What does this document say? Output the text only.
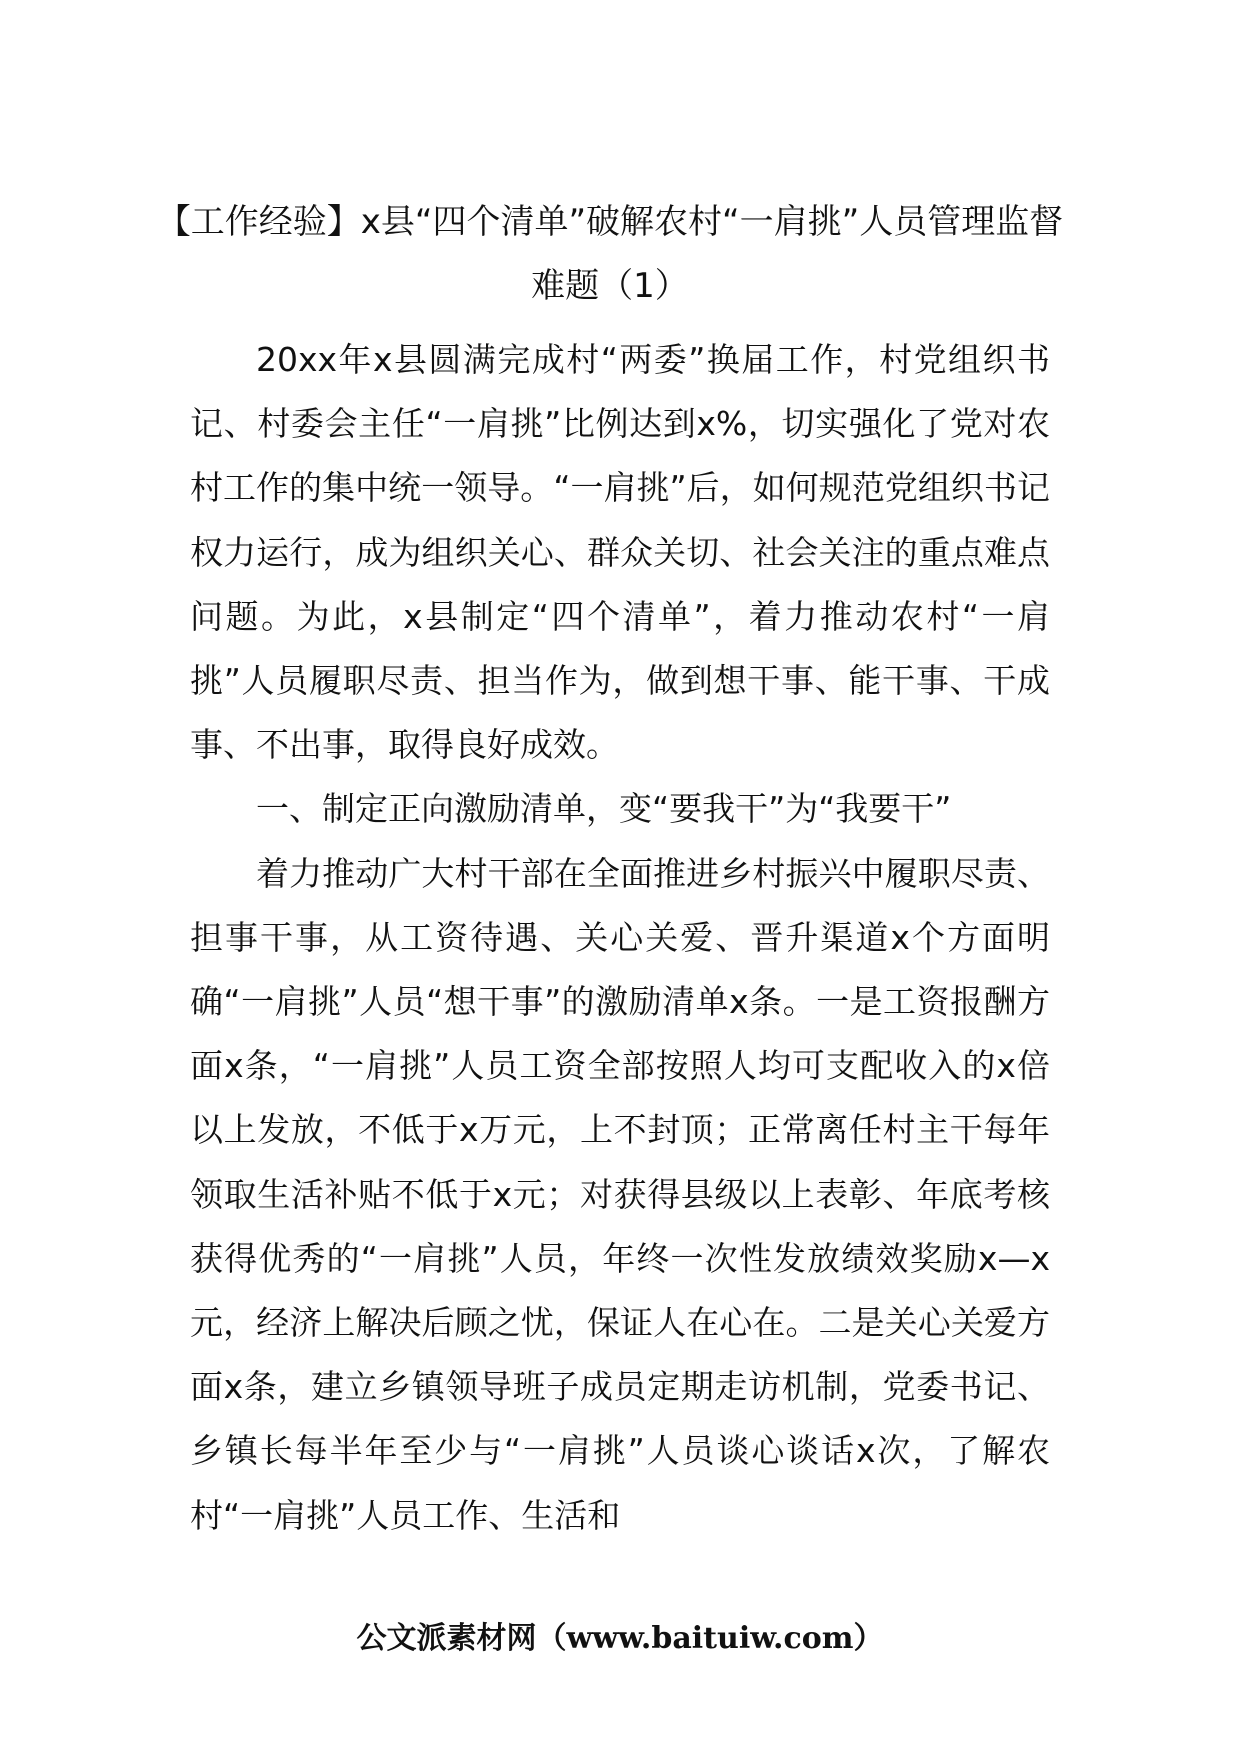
【工作经验】x县“四个清单”破解农村“一肩挑”人员管理监督难题（1）

20xx年x县圆满完成村“两委”换届工作，村党组织书记、村委会主任“一肩挑”比例达到x%，切实强化了党对农村工作的集中统一领导。“一肩挑”后，如何规范党组织书记权力运行，成为组织关心、群众关切、社会关注的重点难点问题。为此，x县制定“四个清单”，着力推动农村“一肩挑”人员履职尽责、担当作为，做到想干事、能干事、干成事、不出事，取得良好成效。

一、制定正向激励清单，变“要我干”为“我要干”

着力推动广大村干部在全面推进乡村振兴中履职尽责、担事干事，从工资待遇、关心关爱、晋升渠道x个方面明确“一肩挑”人员“想干事”的激励清单x条。一是工资报酬方面x条，“一肩挑”人员工资全部按照人均可支配收入的x倍以上发放，不低于x万元，上不封顶；正常离任村主干每年领取生活补贴不低于x元；对获得县级以上表彰、年底考核获得优秀的“一肩挑”人员，年终一次性发放绩效奖励x—x元，经济上解决后顾之忧，保证人在心在。二是关心关爱方面x条，建立乡镇领导班子成员定期走访机制，党委书记、乡镇长每半年至少与“一肩挑”人员谈心谈话x次，了解农村“一肩挑”人员工作、生活和

公文派素材网（www.baituiw.com）
